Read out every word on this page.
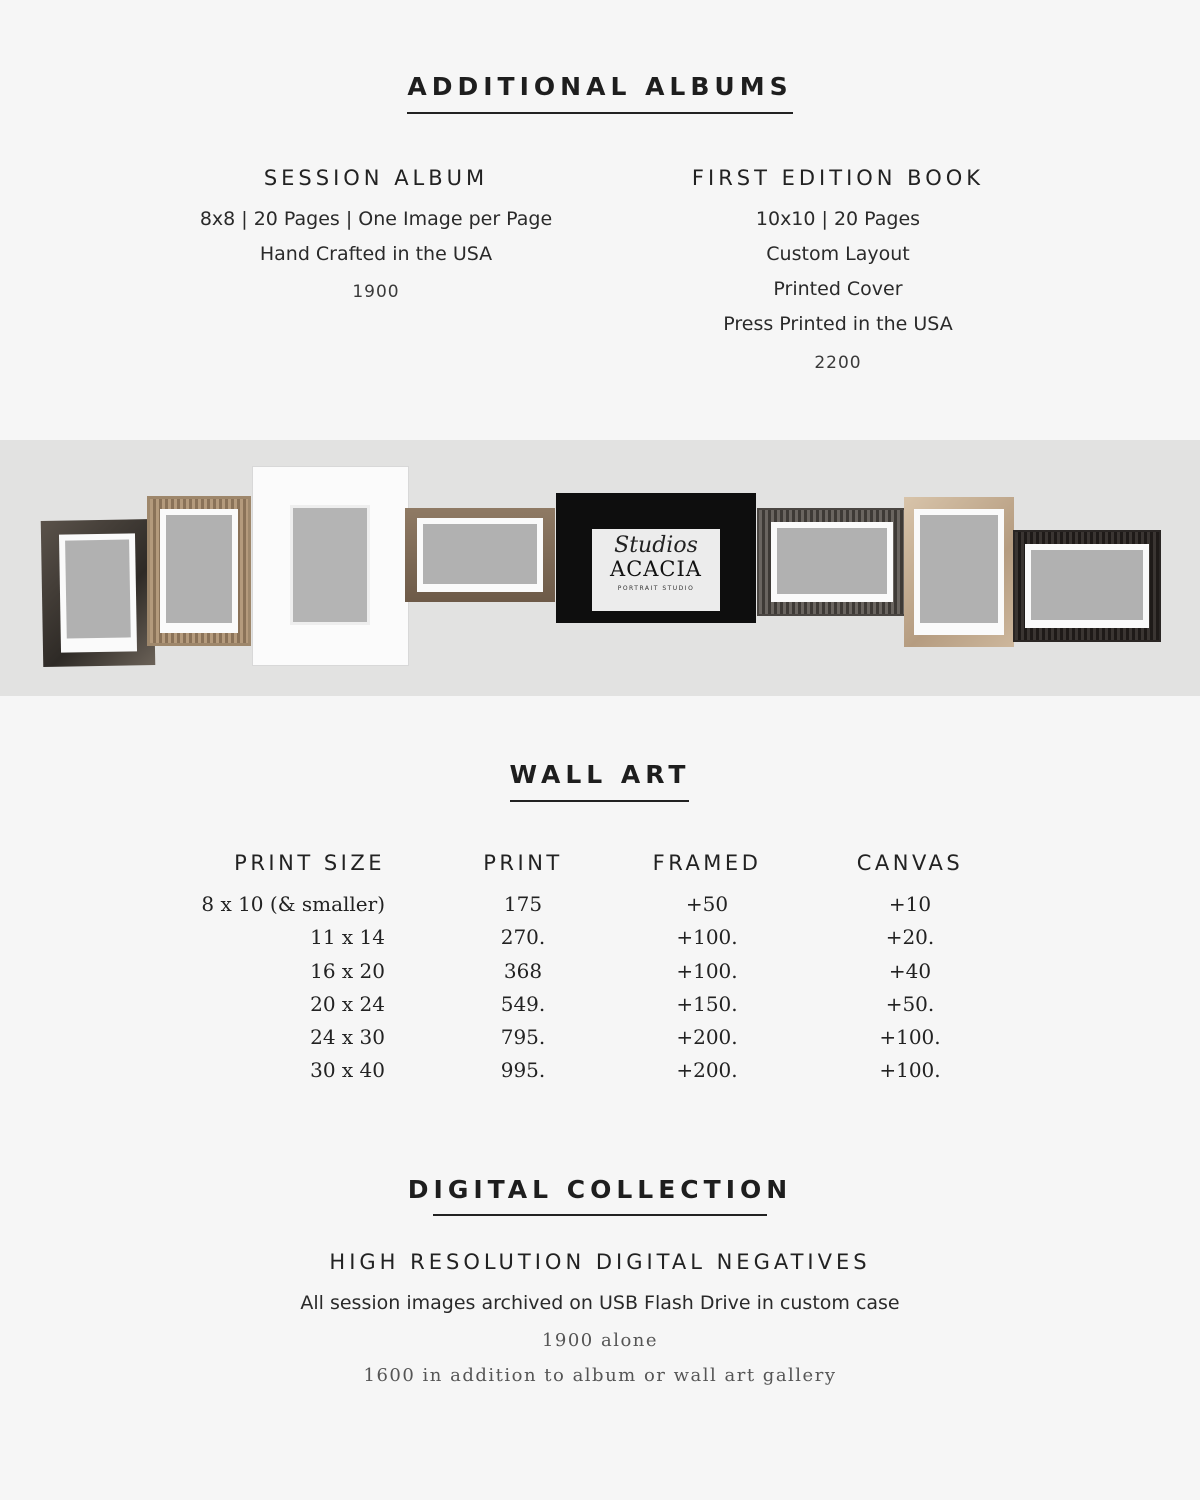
ADDITIONAL ALBUMS
SESSION ALBUM
8x8 | 20 Pages | One Image per Page
Hand Crafted in the USA
1900
FIRST EDITION BOOK
10x10 | 20 Pages
Custom Layout
Printed Cover
Press Printed in the USA
2200
Studios
ACACIA
PORTRAIT STUDIO
WALL ART
PRINT SIZE
8 x 10 (& smaller)
11 x 14
16 x 20
20 x 24
24 x 30
30 x 40
PRINT
175
270.
368
549.
795.
995.
FRAMED
+50
+100.
+100.
+150.
+200.
+200.
CANVAS
+10
+20.
+40
+50.
+100.
+100.
DIGITAL COLLECTION
HIGH RESOLUTION DIGITAL NEGATIVES
All session images archived on USB Flash Drive in custom case
1900 alone
1600 in addition to album or wall art gallery
